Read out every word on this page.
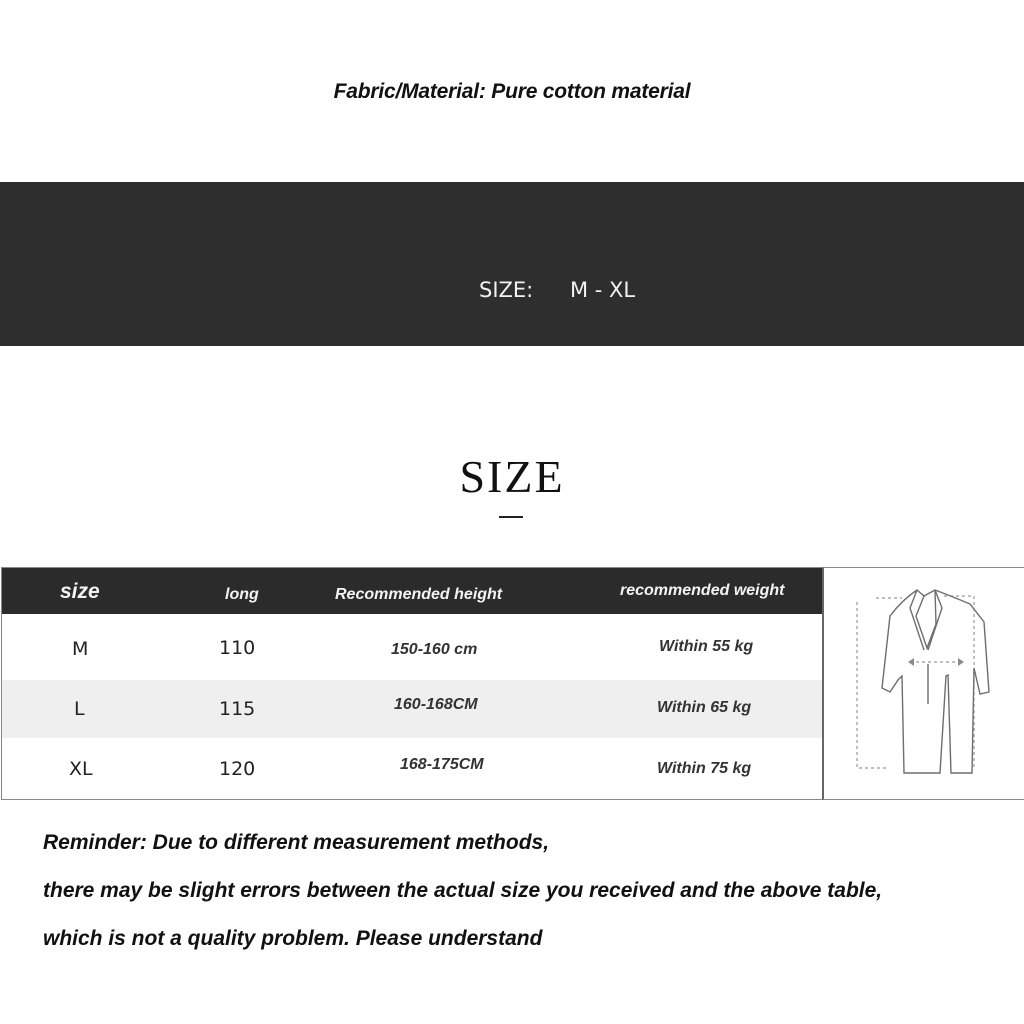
Fabric/Material: Pure cotton material
SIZE: M - XL
SIZE
size	long	Recommended height	recommended weight
M	110	150-160 cm	Within 55 kg
L	115	160-168CM	Within 65 kg
XL	120	168-175CM	Within 75 kg
Reminder: Due to different measurement methods,
there may be slight errors between the actual size you received and the above table,
which is not a quality problem. Please understand
